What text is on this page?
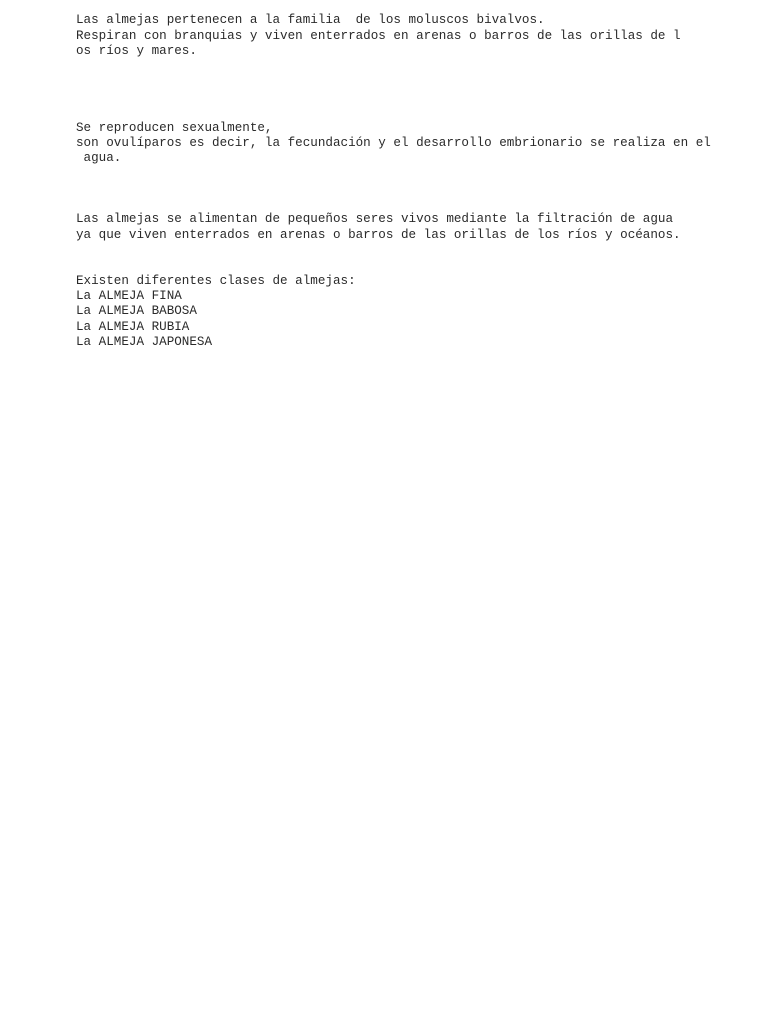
Las almejas pertenecen a la familia  de los moluscos bivalvos.

Respiran con branquias y viven enterrados en arenas o barros de las orillas de l

os ríos y mares.

Se reproducen sexualmente,

son ovulíparos es decir, la fecundación y el desarrollo embrionario se realiza en el

agua.

Las almejas se alimentan de pequeños seres vivos mediante la filtración de agua

ya que viven enterrados en arenas o barros de las orillas de los ríos y océanos.

Existen diferentes clases de almejas:

La ALMEJA FINA

La ALMEJA BABOSA

La ALMEJA RUBIA

La ALMEJA JAPONESA
